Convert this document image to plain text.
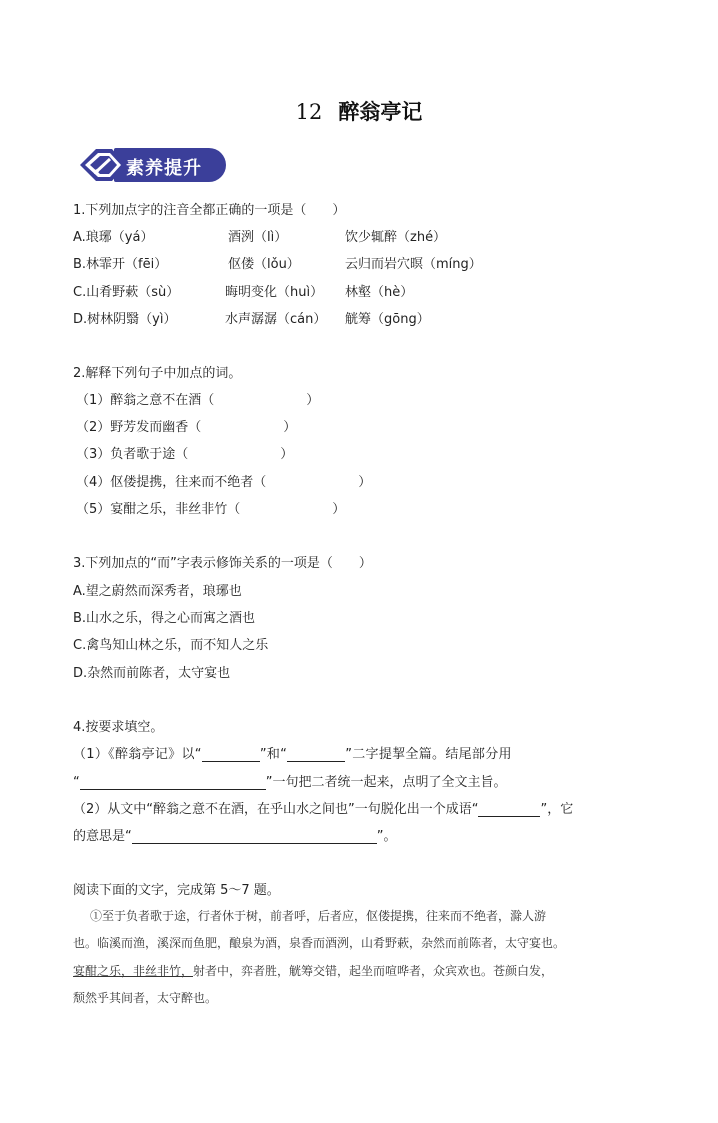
12 醉翁亭记
素养提升
1.下列加点字的注音全都正确的一项是（　　）
A.琅琊（yá）	酒洌（lì）	饮少辄醉（zhé）
B.林霏开（fēi）	伛偻（lǒu）	云归而岩穴暝（míng）
C.山肴野蔌（sù）	晦明变化（huì） 林壑（hè）
D.树林阴翳（yì）	水声潺潺（cán） 觥筹（gōng）
2.解释下列句子中加点的词。
（1）醉翁之意不在酒（	）
（2）野芳发而幽香（	）
（3）负者歌于途（	）
（4）伛偻提携，往来而不绝者（	）
（5）宴酣之乐，非丝非竹（	）
3.下列加点的“而”字表示修饰关系的一项是（　　）
A.望之蔚然而深秀者，琅琊也
B.山水之乐，得之心而寓之酒也
C.禽鸟知山林之乐，而不知人之乐
D.杂然而前陈者，太守宴也
4.按要求填空。
（1）《醉翁亭记》以“	”和“	”二字提挈全篇。结尾部分用
“	”一句把二者统一起来，点明了全文主旨。
（2）从文中“醉翁之意不在酒，在乎山水之间也”一句脱化出一个成语“	”，它
的意思是“	”。
阅读下面的文字，完成第 5～7 题。
①至于负者歌于途，行者休于树，前者呼，后者应，伛偻提携，往来而不绝者，滁人游
也。临溪而渔，溪深而鱼肥，酿泉为酒，泉香而酒洌，山肴野蔌，杂然而前陈者，太守宴也。
宴酣之乐，非丝非竹，射者中，弈者胜，觥筹交错，起坐而喧哗者，众宾欢也。苍颜白发，
颓然乎其间者，太守醉也。
